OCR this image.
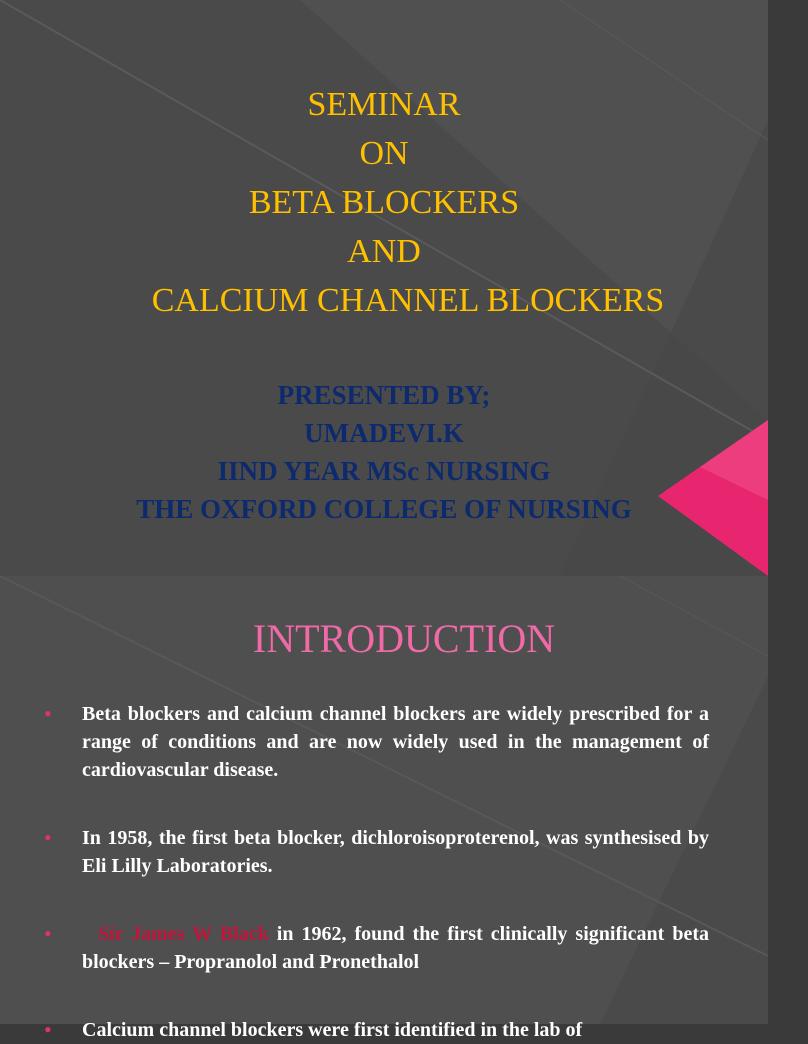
SEMINAR
ON
BETA BLOCKERS
AND
CALCIUM CHANNEL BLOCKERS
PRESENTED BY;
UMADEVI.K
IIND YEAR MSc NURSING
THE OXFORD COLLEGE OF NURSING
INTRODUCTION
• Beta blockers and calcium channel blockers are widely prescribed for a range of conditions and are now widely used in the management of cardiovascular disease.
• In 1958, the first beta blocker, dichloroisoproterenol, was synthesised by Eli Lilly Laboratories.
•	Sir James W Black in 1962, found the first clinically significant beta blockers – Propranolol and Pronethalol
• Calcium channel blockers were first identified in the lab of
